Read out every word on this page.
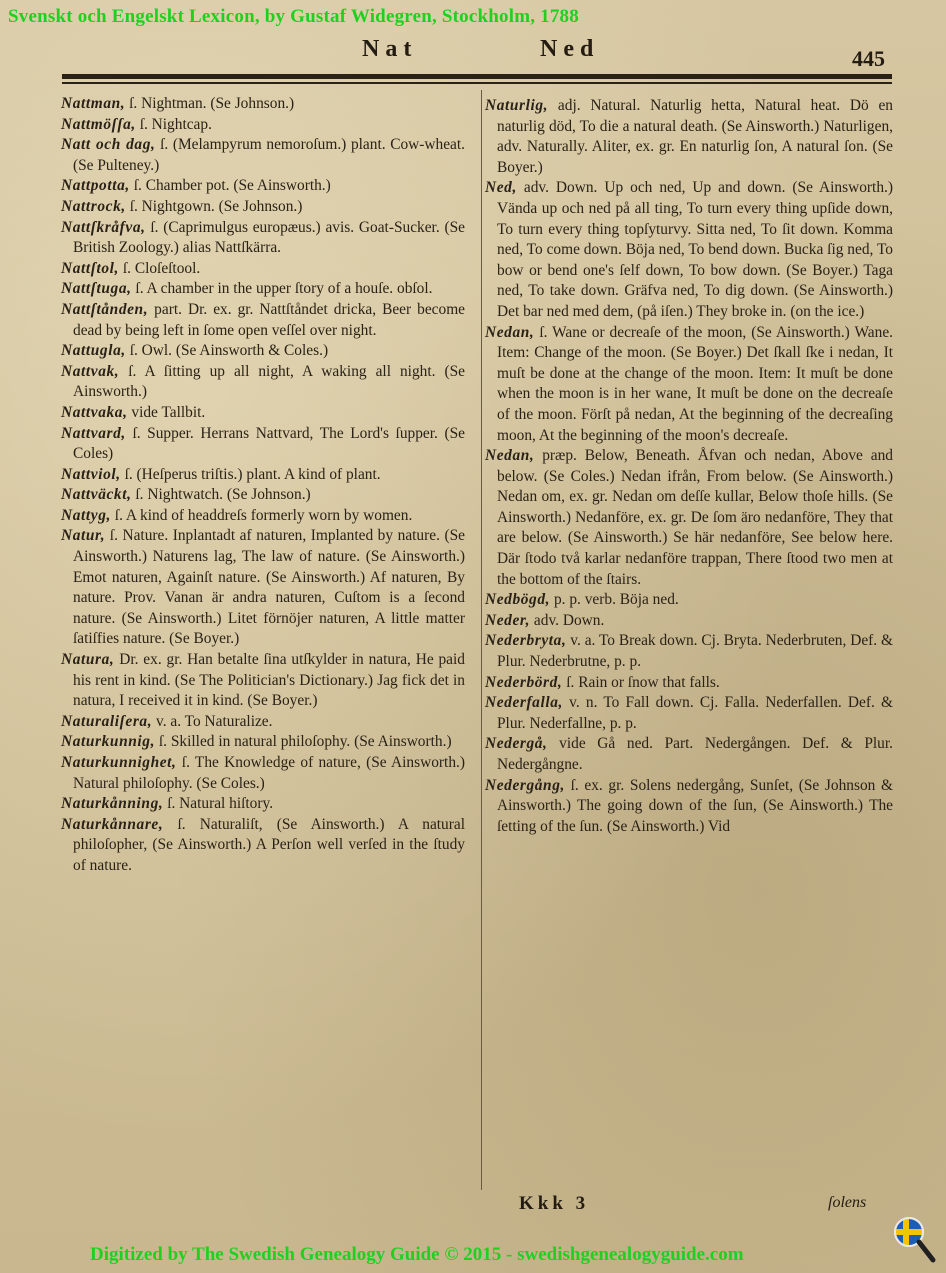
Svenskt och Engelskt Lexicon, by Gustaf Widegren, Stockholm, 1788
Nat	Ned	445

Nattman, ſ. Nightman. (Se Johnson.)

Nattmöſſa, ſ. Nightcap.

Natt och dag, ſ. (Melampyrum nemoroſum.) plant. Cow-wheat. (Se Pulteney.)

Nattpotta, ſ. Chamber pot. (Se Ainsworth.)

Nattrock, ſ. Nightgown. (Se Johnson.)

Nattſkråfva, ſ. (Caprimulgus europæus.) avis. Goat-Sucker. (Se British Zoology.) alias Nattſkärra.

Nattſtol, ſ. Cloſeſtool.

Nattſtuga, ſ. A chamber in the upper ſtory of a houſe. obſol.

Nattſtånden, part. Dr. ex. gr. Nattſtåndet dricka, Beer become dead by being left in ſome open veſſel over night.

Nattugla, ſ. Owl. (Se Ainsworth & Coles.)

Nattvak, ſ. A ſitting up all night, A waking all night. (Se Ainsworth.)

Nattvaka, vide Tallbit.

Nattvard, ſ. Supper. Herrans Nattvard, The Lord's ſupper. (Se Coles)

Nattviol, ſ. (Heſperus triſtis.) plant. A kind of plant.

Nattväckt, ſ. Nightwatch. (Se Johnson.)

Nattyg, ſ. A kind of headdreſs formerly worn by women.

Natur, ſ. Nature. Inplantadt af naturen, Implanted by nature. (Se Ainsworth.) Naturens lag, The law of nature. (Se Ainsworth.) Emot naturen, Againſt nature. (Se Ainsworth.) Af naturen, By nature. Prov. Vanan är andra naturen, Cuſtom is a ſecond nature. (Se Ainsworth.) Litet förnöjer naturen, A little matter ſatiſfies nature. (Se Boyer.)

Natura, Dr. ex. gr. Han betalte ſina utſkylder in natura, He paid his rent in kind. (Se The Politician's Dictionary.) Jag fick det in natura, I received it in kind. (Se Boyer.)

Naturaliſera, v. a. To Naturalize.

Naturkunnig, ſ. Skilled in natural philoſophy. (Se Ainsworth.)

Naturkunnighet, ſ. The Knowledge of nature, (Se Ainsworth.) Natural philoſophy. (Se Coles.)

Naturkånning, ſ. Natural hiſtory.

Naturkånnare, ſ. Naturaliſt, (Se Ainsworth.) A natural philoſopher, (Se Ainsworth.) A Perſon well verſed in the ſtudy of nature.

Naturlig, adj. Natural. Naturlig hetta, Natural heat. Dö en naturlig död, To die a natural death. (Se Ainsworth.) Naturligen, adv. Naturally. Aliter, ex. gr. En naturlig ſon, A natural ſon. (Se Boyer.)

Ned, adv. Down. Up och ned, Up and down. (Se Ainsworth.) Vända up och ned på all ting, To turn every thing upſide down, To turn every thing topſyturvy. Sitta ned, To ſit down. Komma ned, To come down. Böja ned, To bend down. Bucka ſig ned, To bow or bend one's ſelf down, To bow down. (Se Boyer.) Taga ned, To take down. Gräfva ned, To dig down. (Se Ainsworth.) Det bar ned med dem, (på iſen.) They broke in. (on the ice.)

Nedan, ſ. Wane or decreaſe of the moon, (Se Ainsworth.) Wane. Item: Change of the moon. (Se Boyer.) Det ſkall ſke i nedan, It muſt be done at the change of the moon. Item: It muſt be done when the moon is in her wane, It muſt be done on the decreaſe of the moon. Förſt på nedan, At the beginning of the decreaſing moon, At the beginning of the moon's decreaſe.

Nedan, præp. Below, Beneath. Åfvan och nedan, Above and below. (Se Coles.) Nedan ifrån, From below. (Se Ainsworth.) Nedan om, ex. gr. Nedan om deſſe kullar, Below thoſe hills. (Se Ainsworth.) Nedanföre, ex. gr. De ſom äro nedanföre, They that are below. (Se Ainsworth.) Se här nedanföre, See below here. Där ſtodo två karlar nedanföre trappan, There ſtood two men at the bottom of the ſtairs.

Nedbögd, p. p. verb. Böja ned.

Neder, adv. Down.

Nederbryta, v. a. To Break down. Cj. Bryta. Nederbruten, Def. & Plur. Nederbrutne, p. p.

Nederbörd, ſ. Rain or ſnow that falls.

Nederfalla, v. n. To Fall down. Cj. Falla. Nederfallen. Def. & Plur. Nederfallne, p. p.

Nedergå, vide Gå ned. Part. Nedergången. Def. & Plur. Nedergångne.

Nedergång, ſ. ex. gr. Solens nedergång, Sunſet, (Se Johnson & Ainsworth.) The going down of the ſun, (Se Ainsworth.) The ſetting of the ſun. (Se Ainsworth.) Vid

Kkk 3	ſolens
Digitized by The Swedish Genealogy Guide © 2015 - swedishgenealogyguide.com
